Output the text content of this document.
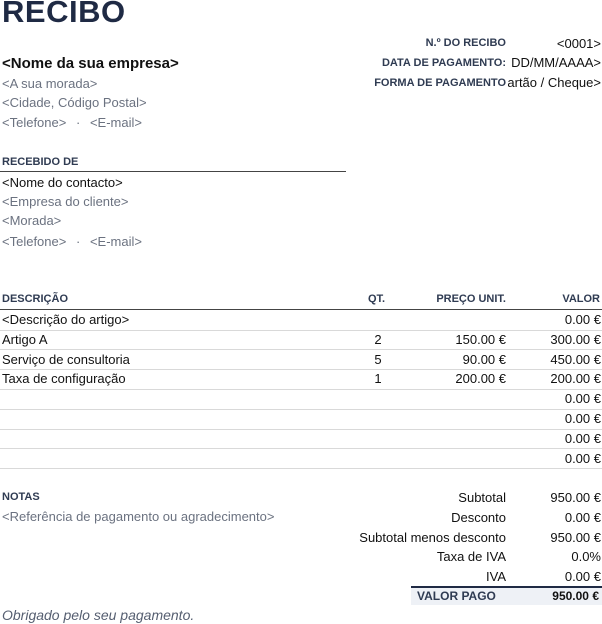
RECIBO
<Nome da sua empresa>
<A sua morada>
<Cidade, Código Postal>
<Telefone> · <E-mail>
N.º DO RECIBO	<0001>
DATA DE PAGAMENTO: DD/MM/AAAA>
FORMA DE PAGAMENTO artão / Cheque>
RECEBIDO DE
<Nome do contacto>
<Empresa do cliente>
<Morada>
<Telefone> · <E-mail>
DESCRIÇÃO	QT.	PREÇO UNIT.	VALOR
<Descrição do artigo>	0.00 €
Artigo A	2	150.00 €	300.00 €
Serviço de consultoria	5	90.00 €	450.00 €
Taxa de configuração	1	200.00 €	200.00 €
0.00 €
0.00 €
0.00 €
0.00 €
NOTAS
<Referência de pagamento ou agradecimento>
Subtotal	950.00 €
Desconto	0.00 €
Subtotal menos desconto	950.00 €
Taxa de IVA	0.0%
IVA	0.00 €
VALOR PAGO	950.00 €
Obrigado pelo seu pagamento.
